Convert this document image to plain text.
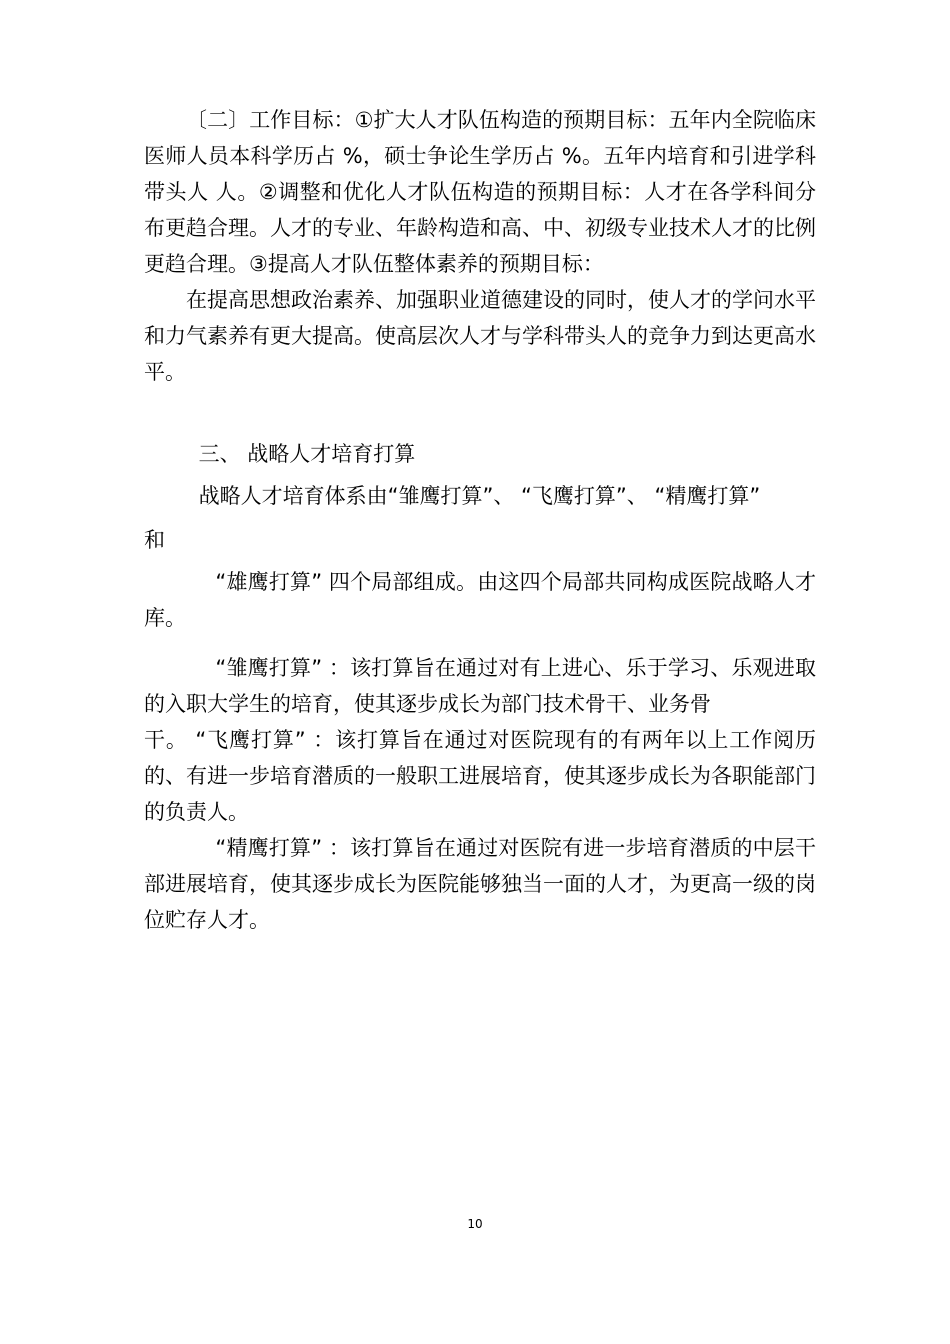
〔二〕工作目标：①扩大人才队伍构造的预期目标：五年内全院临床医师人员本科学历占 %，硕士争论生学历占 %。五年内培育和引进学科带头人 人。②调整和优化人才队伍构造的预期目标：人才在各学科间分布更趋合理。人才的专业、年龄构造和高、中、初级专业技术人才的比例更趋合理。③提高人才队伍整体素养的预期目标：

在提高思想政治素养、加强职业道德建设的同时，使人才的学问水平和力气素养有更大提高。使高层次人才与学科带头人的竞争力到达更高水平。

三、 战略人才培育打算
战略人才培育体系由“雏鹰打算”、 “飞鹰打算”、 “精鹰打算”
和

“雄鹰打算” 四个局部组成。由这四个局部共同构成医院战略人才库。

“雏鹰打算” ：该打算旨在通过对有上进心、乐于学习、乐观进取的入职大学生的培育，使其逐步成长为部门技术骨干、业务骨

干。 “飞鹰打算” ：该打算旨在通过对医院现有的有两年以上工作阅历的、有进一步培育潜质的一般职工进展培育，使其逐步成长为各职能部门的负责人。

“精鹰打算” ：该打算旨在通过对医院有进一步培育潜质的中层干部进展培育，使其逐步成长为医院能够独当一面的人才，为更高一级的岗位贮存人才。

10
